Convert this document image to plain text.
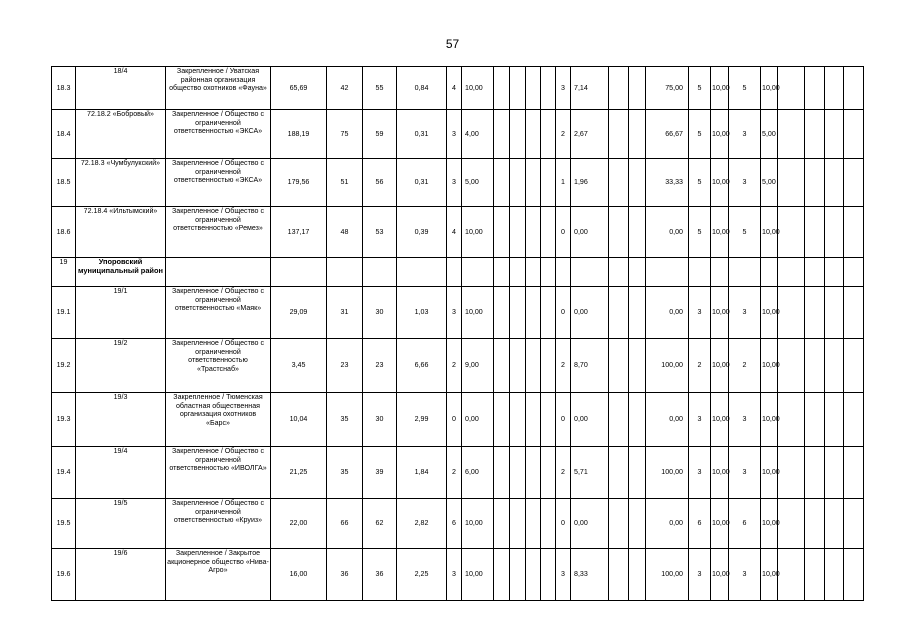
57
18.3	18/4	Закрепленное / Уватская районная организация общество охотников «Фауна»	65,69	42	55	0,84	4	10,00					3	7,14			75,00	5	10,00	5	10,00				
18.4	72.18.2 «Бобровый»	Закрепленное / Общество с ограниченной ответственностью «ЭКСА»	188,19	75	59	0,31	3	4,00					2	2,67			66,67	5	10,00	3	5,00				
18.5	72.18.3 «Чумбулукский»	Закрепленное / Общество с ограниченной ответственностью «ЭКСА»	179,56	51	56	0,31	3	5,00					1	1,96			33,33	5	10,00	3	5,00				
18.6	72.18.4 «Ильтымский»	Закрепленное / Общество с ограниченной ответственностью «Ремез»	137,17	48	53	0,39	4	10,00					0	0,00			0,00	5	10,00	5	10,00				
19	Упоровский муниципальный район																								
19.1	19/1	Закрепленное / Общество с ограниченной ответственностью «Маяк»	29,09	31	30	1,03	3	10,00					0	0,00			0,00	3	10,00	3	10,00				
19.2	19/2	Закрепленное / Общество с ограниченной ответственностью «Трастснаб»	3,45	23	23	6,66	2	9,00					2	8,70			100,00	2	10,00	2	10,00				
19.3	19/3	Закрепленное / Тюменская областная общественная организация охотников «Барс»	10,04	35	30	2,99	0	0,00					0	0,00			0,00	3	10,00	3	10,00				
19.4	19/4	Закрепленное / Общество с ограниченной ответственностью «ИВОЛГА»	21,25	35	39	1,84	2	6,00					2	5,71			100,00	3	10,00	3	10,00				
19.5	19/5	Закрепленное / Общество с ограниченной ответственностью «Круиз»	22,00	66	62	2,82	6	10,00					0	0,00			0,00	6	10,00	6	10,00				
19.6	19/6	Закрепленное / Закрытое акционерное общество «Нива-Агро»	16,00	36	36	2,25	3	10,00					3	8,33			100,00	3	10,00	3	10,00				
